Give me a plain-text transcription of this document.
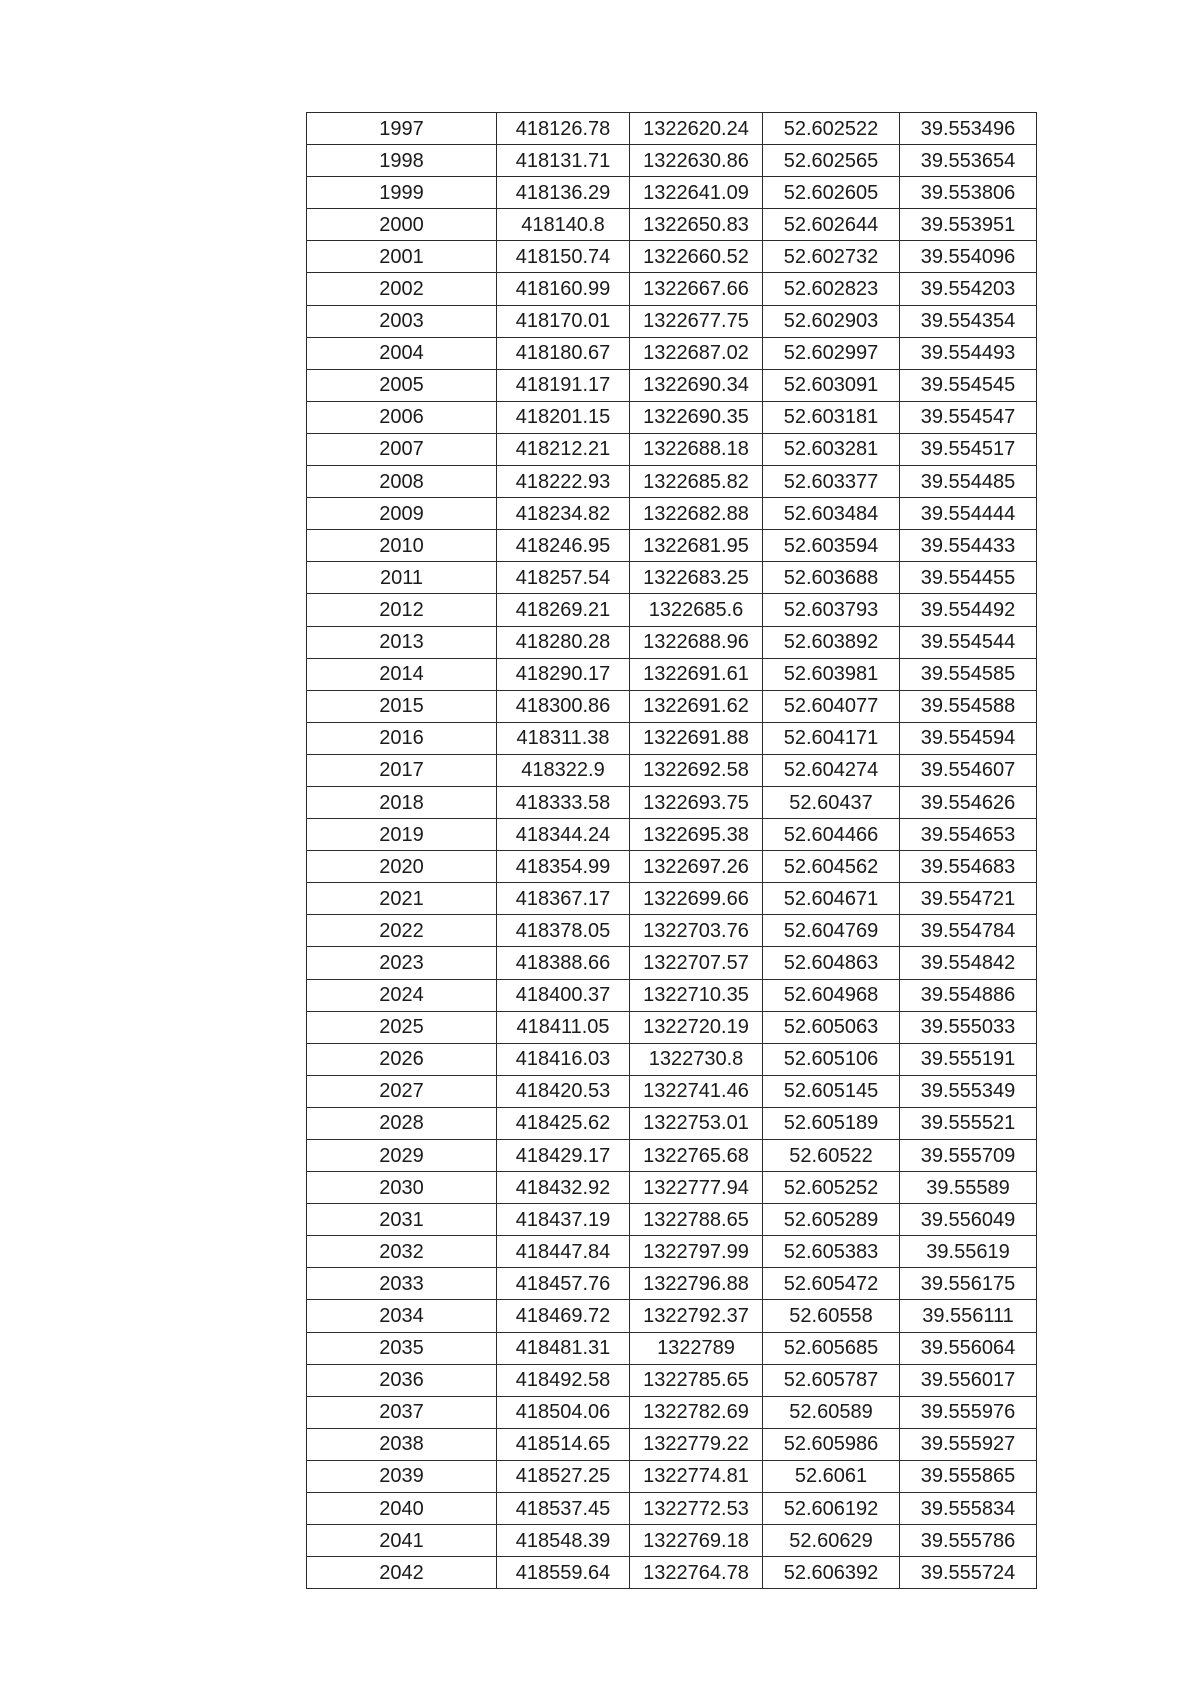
1997	418126.78	1322620.24	52.602522	39.553496
1998	418131.71	1322630.86	52.602565	39.553654
1999	418136.29	1322641.09	52.602605	39.553806
2000	418140.8	1322650.83	52.602644	39.553951
2001	418150.74	1322660.52	52.602732	39.554096
2002	418160.99	1322667.66	52.602823	39.554203
2003	418170.01	1322677.75	52.602903	39.554354
2004	418180.67	1322687.02	52.602997	39.554493
2005	418191.17	1322690.34	52.603091	39.554545
2006	418201.15	1322690.35	52.603181	39.554547
2007	418212.21	1322688.18	52.603281	39.554517
2008	418222.93	1322685.82	52.603377	39.554485
2009	418234.82	1322682.88	52.603484	39.554444
2010	418246.95	1322681.95	52.603594	39.554433
2011	418257.54	1322683.25	52.603688	39.554455
2012	418269.21	1322685.6	52.603793	39.554492
2013	418280.28	1322688.96	52.603892	39.554544
2014	418290.17	1322691.61	52.603981	39.554585
2015	418300.86	1322691.62	52.604077	39.554588
2016	418311.38	1322691.88	52.604171	39.554594
2017	418322.9	1322692.58	52.604274	39.554607
2018	418333.58	1322693.75	52.60437	39.554626
2019	418344.24	1322695.38	52.604466	39.554653
2020	418354.99	1322697.26	52.604562	39.554683
2021	418367.17	1322699.66	52.604671	39.554721
2022	418378.05	1322703.76	52.604769	39.554784
2023	418388.66	1322707.57	52.604863	39.554842
2024	418400.37	1322710.35	52.604968	39.554886
2025	418411.05	1322720.19	52.605063	39.555033
2026	418416.03	1322730.8	52.605106	39.555191
2027	418420.53	1322741.46	52.605145	39.555349
2028	418425.62	1322753.01	52.605189	39.555521
2029	418429.17	1322765.68	52.60522	39.555709
2030	418432.92	1322777.94	52.605252	39.55589
2031	418437.19	1322788.65	52.605289	39.556049
2032	418447.84	1322797.99	52.605383	39.55619
2033	418457.76	1322796.88	52.605472	39.556175
2034	418469.72	1322792.37	52.60558	39.556111
2035	418481.31	1322789	52.605685	39.556064
2036	418492.58	1322785.65	52.605787	39.556017
2037	418504.06	1322782.69	52.60589	39.555976
2038	418514.65	1322779.22	52.605986	39.555927
2039	418527.25	1322774.81	52.6061	39.555865
2040	418537.45	1322772.53	52.606192	39.555834
2041	418548.39	1322769.18	52.60629	39.555786
2042	418559.64	1322764.78	52.606392	39.555724
